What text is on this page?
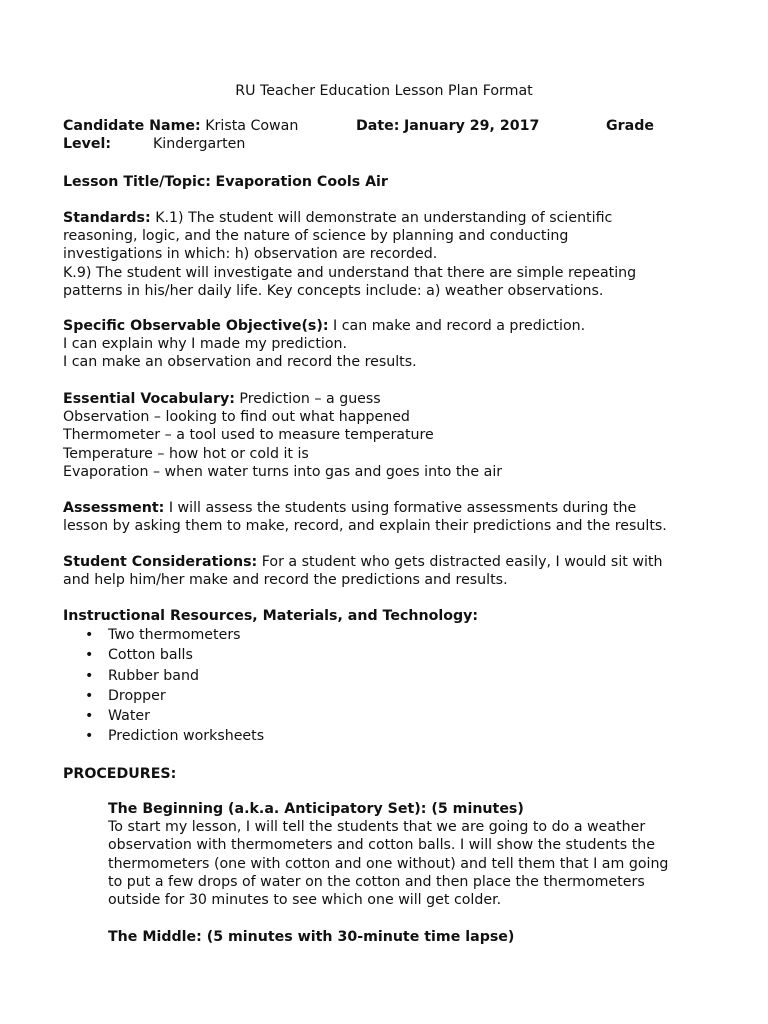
RU Teacher Education Lesson Plan Format
Candidate Name: Krista Cowan	Date: January 29, 2017	Grade
Level:	Kindergarten
Lesson Title/Topic: Evaporation Cools Air
Standards: K.1) The student will demonstrate an understanding of scientific
reasoning, logic, and the nature of science by planning and conducting
investigations in which: h) observation are recorded.
K.9) The student will investigate and understand that there are simple repeating
patterns in his/her daily life. Key concepts include: a) weather observations.
Specific Observable Objective(s): I can make and record a prediction.
I can explain why I made my prediction.
I can make an observation and record the results.
Essential Vocabulary: Prediction – a guess
Observation – looking to find out what happened
Thermometer – a tool used to measure temperature
Temperature – how hot or cold it is
Evaporation – when water turns into gas and goes into the air
Assessment: I will assess the students using formative assessments during the
lesson by asking them to make, record, and explain their predictions and the results.
Student Considerations: For a student who gets distracted easily, I would sit with
and help him/her make and record the predictions and results.
Instructional Resources, Materials, and Technology:
• Two thermometers
• Cotton balls
• Rubber band
• Dropper
• Water
• Prediction worksheets
PROCEDURES:
The Beginning (a.k.a. Anticipatory Set): (5 minutes)
To start my lesson, I will tell the students that we are going to do a weather
observation with thermometers and cotton balls. I will show the students the
thermometers (one with cotton and one without) and tell them that I am going
to put a few drops of water on the cotton and then place the thermometers
outside for 30 minutes to see which one will get colder.
The Middle: (5 minutes with 30-minute time lapse)
